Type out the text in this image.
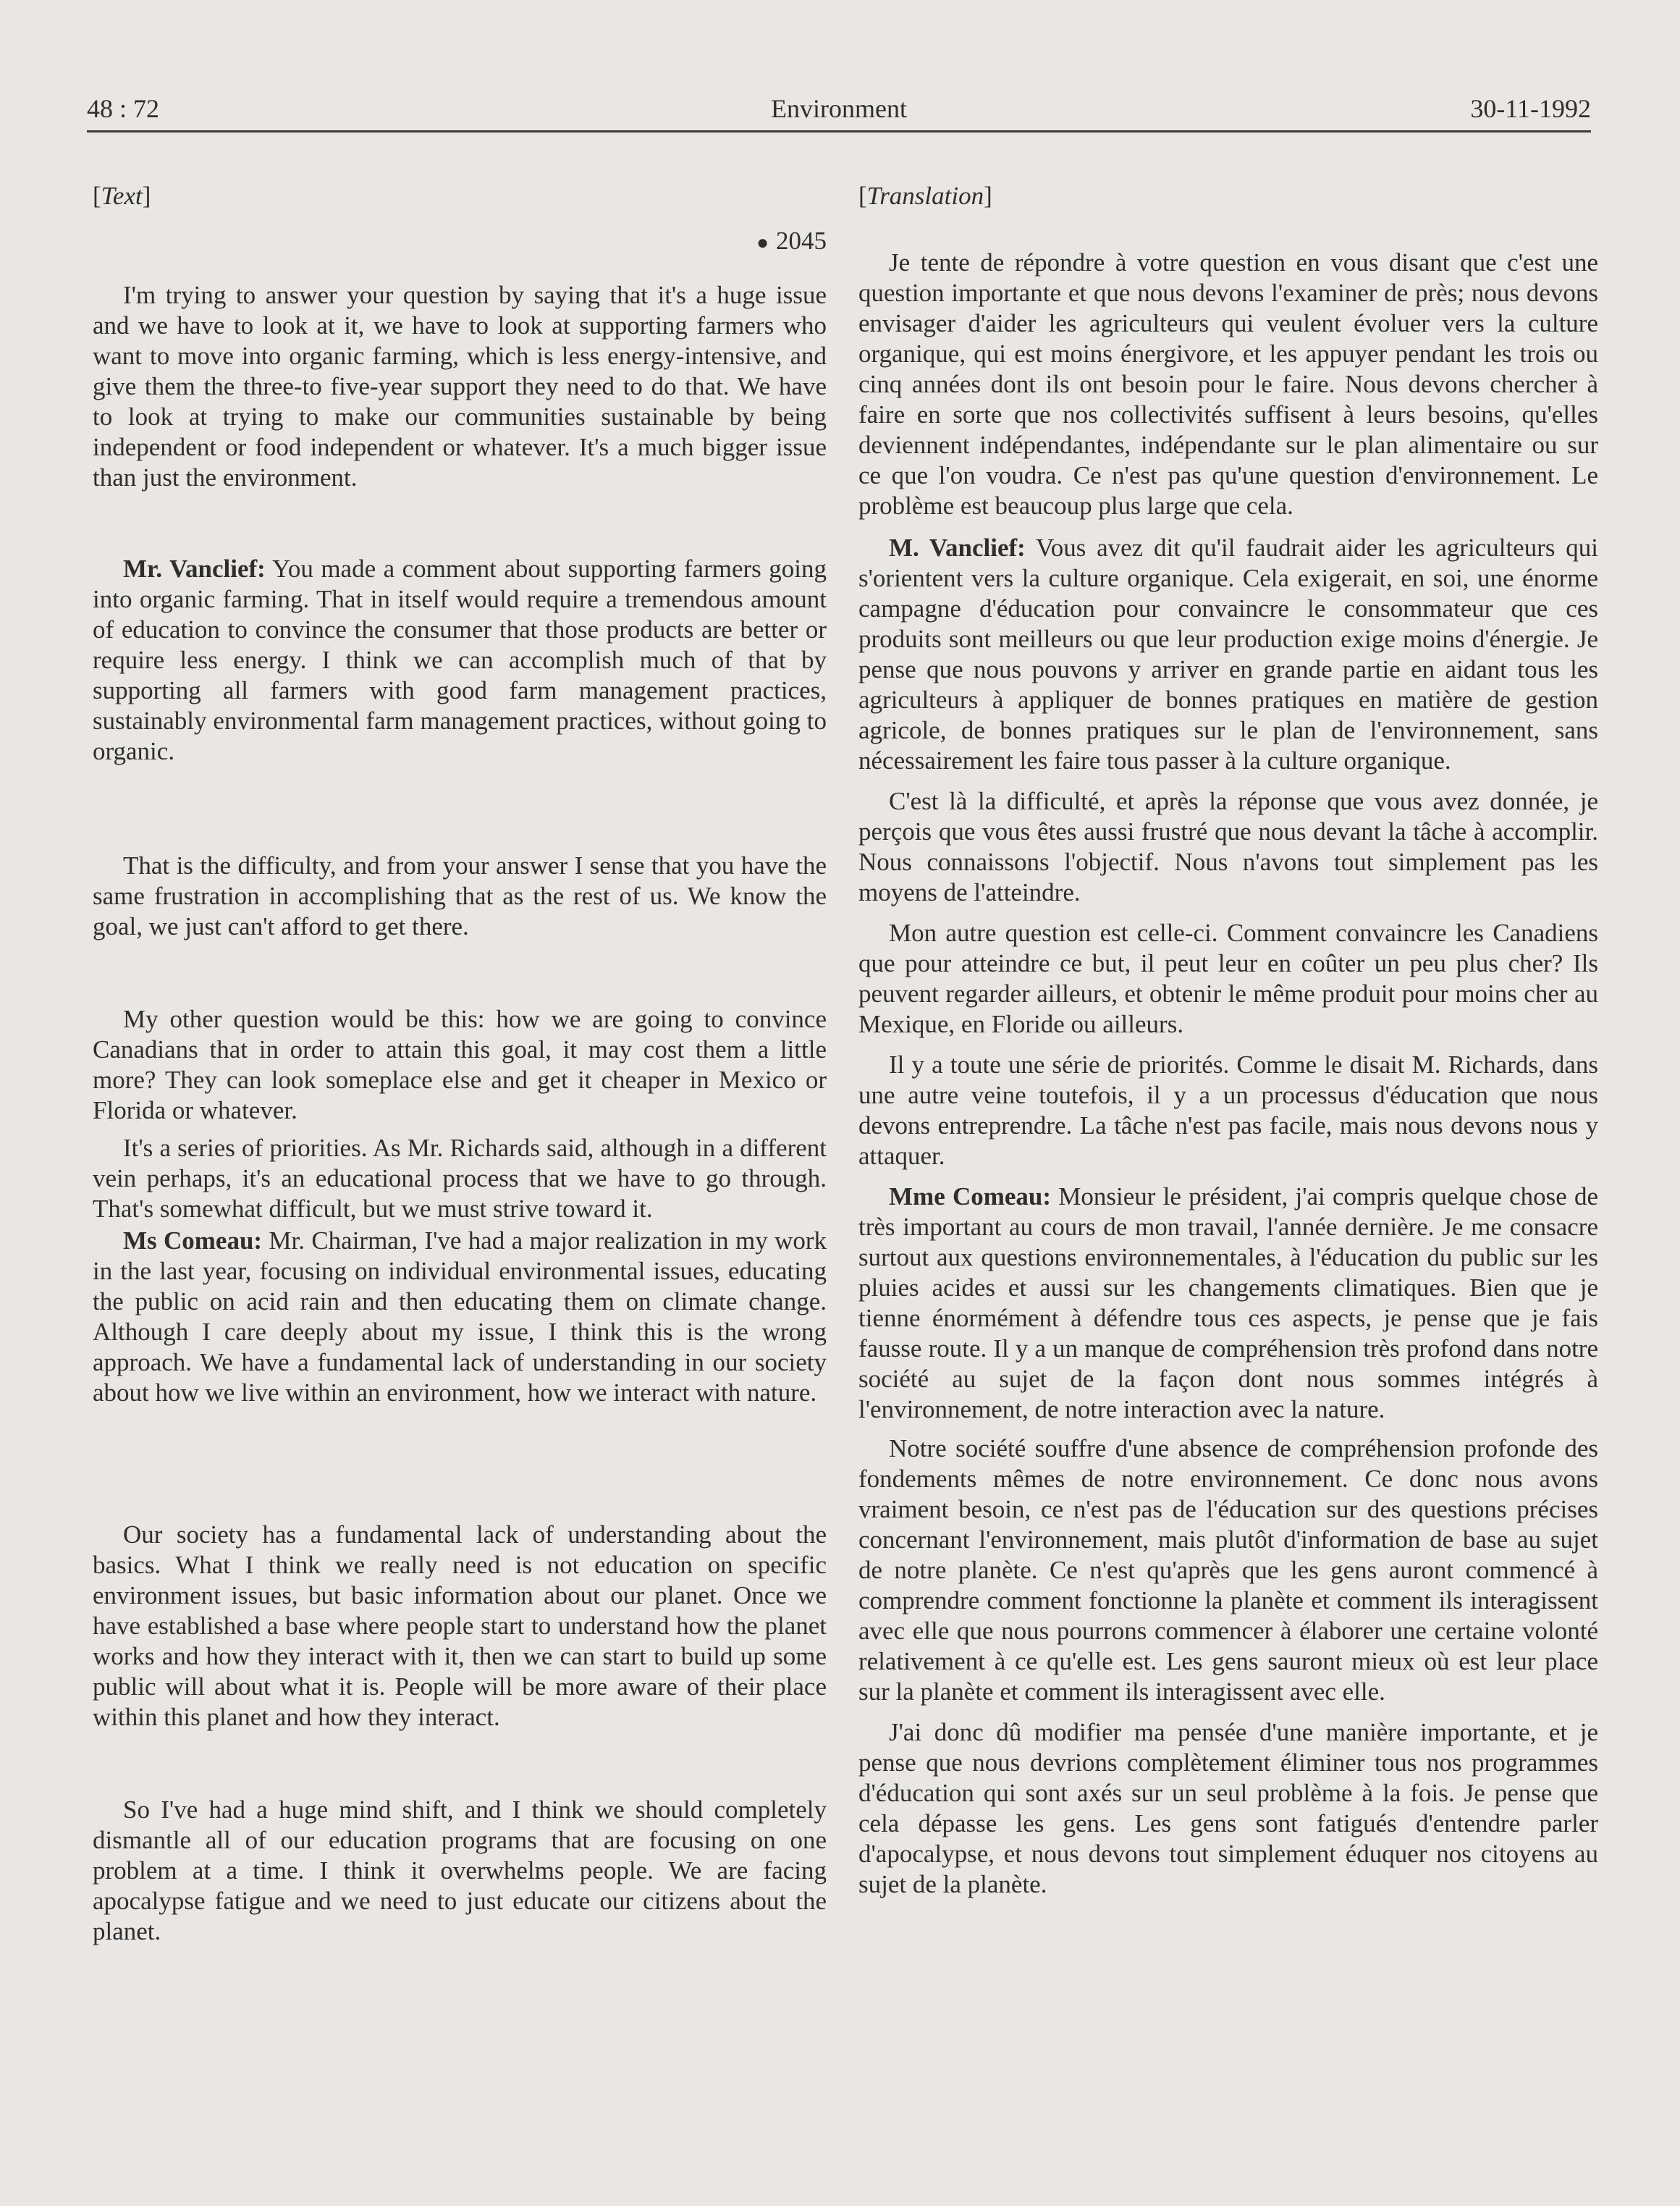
48 : 72	Environment	30-11-1992
[Text]
● 2045

I'm trying to answer your question by saying that it's a huge issue and we have to look at it, we have to look at supporting farmers who want to move into organic farming, which is less energy-intensive, and give them the three-to five-year support they need to do that. We have to look at trying to make our communities sustainable by being independent or food independent or whatever. It's a much bigger issue than just the environment.

Mr. Vanclief: You made a comment about supporting farmers going into organic farming. That in itself would require a tremendous amount of education to convince the consumer that those products are better or require less energy. I think we can accomplish much of that by supporting all farmers with good farm management practices, sustainably environmental farm management practices, without going to organic.

That is the difficulty, and from your answer I sense that you have the same frustration in accomplishing that as the rest of us. We know the goal, we just can't afford to get there.

My other question would be this: how we are going to convince Canadians that in order to attain this goal, it may cost them a little more? They can look someplace else and get it cheaper in Mexico or Florida or whatever.

It's a series of priorities. As Mr. Richards said, although in a different vein perhaps, it's an educational process that we have to go through. That's somewhat difficult, but we must strive toward it.

Ms Comeau: Mr. Chairman, I've had a major realization in my work in the last year, focusing on individual environmental issues, educating the public on acid rain and then educating them on climate change. Although I care deeply about my issue, I think this is the wrong approach. We have a fundamental lack of understanding in our society about how we live within an environment, how we interact with nature.

Our society has a fundamental lack of understanding about the basics. What I think we really need is not education on specific environment issues, but basic information about our planet. Once we have established a base where people start to understand how the planet works and how they interact with it, then we can start to build up some public will about what it is. People will be more aware of their place within this planet and how they interact.

So I've had a huge mind shift, and I think we should completely dismantle all of our education programs that are focusing on one problem at a time. I think it overwhelms people. We are facing apocalypse fatigue and we need to just educate our citizens about the planet.

[Translation]

Je tente de répondre à votre question en vous disant que c'est une question importante et que nous devons l'examiner de près; nous devons envisager d'aider les agriculteurs qui veulent évoluer vers la culture organique, qui est moins énergivore, et les appuyer pendant les trois ou cinq années dont ils ont besoin pour le faire. Nous devons chercher à faire en sorte que nos collectivités suffisent à leurs besoins, qu'elles deviennent indépendantes, indépendante sur le plan alimentaire ou sur ce que l'on voudra. Ce n'est pas qu'une question d'environnement. Le problème est beaucoup plus large que cela.

M. Vanclief: Vous avez dit qu'il faudrait aider les agriculteurs qui s'orientent vers la culture organique. Cela exigerait, en soi, une énorme campagne d'éducation pour convaincre le consommateur que ces produits sont meilleurs ou que leur production exige moins d'énergie. Je pense que nous pouvons y arriver en grande partie en aidant tous les agriculteurs à appliquer de bonnes pratiques en matière de gestion agricole, de bonnes pratiques sur le plan de l'environnement, sans nécessairement les faire tous passer à la culture organique.

C'est là la difficulté, et après la réponse que vous avez donnée, je perçois que vous êtes aussi frustré que nous devant la tâche à accomplir. Nous connaissons l'objectif. Nous n'avons tout simplement pas les moyens de l'atteindre.

Mon autre question est celle-ci. Comment convaincre les Canadiens que pour atteindre ce but, il peut leur en coûter un peu plus cher? Ils peuvent regarder ailleurs, et obtenir le même produit pour moins cher au Mexique, en Floride ou ailleurs.

Il y a toute une série de priorités. Comme le disait M. Richards, dans une autre veine toutefois, il y a un processus d'éducation que nous devons entreprendre. La tâche n'est pas facile, mais nous devons nous y attaquer.

Mme Comeau: Monsieur le président, j'ai compris quelque chose de très important au cours de mon travail, l'année dernière. Je me consacre surtout aux questions environnementales, à l'éducation du public sur les pluies acides et aussi sur les changements climatiques. Bien que je tienne énormément à défendre tous ces aspects, je pense que je fais fausse route. Il y a un manque de compréhension très profond dans notre société au sujet de la façon dont nous sommes intégrés à l'environnement, de notre interaction avec la nature.

Notre société souffre d'une absence de compréhension profonde des fondements mêmes de notre environnement. Ce donc nous avons vraiment besoin, ce n'est pas de l'éducation sur des questions précises concernant l'environnement, mais plutôt d'information de base au sujet de notre planète. Ce n'est qu'après que les gens auront commencé à comprendre comment fonctionne la planète et comment ils interagissent avec elle que nous pourrons commencer à élaborer une certaine volonté relativement à ce qu'elle est. Les gens sauront mieux où est leur place sur la planète et comment ils interagissent avec elle.

J'ai donc dû modifier ma pensée d'une manière importante, et je pense que nous devrions complètement éliminer tous nos programmes d'éducation qui sont axés sur un seul problème à la fois. Je pense que cela dépasse les gens. Les gens sont fatigués d'entendre parler d'apocalypse, et nous devons tout simplement éduquer nos citoyens au sujet de la planète.
